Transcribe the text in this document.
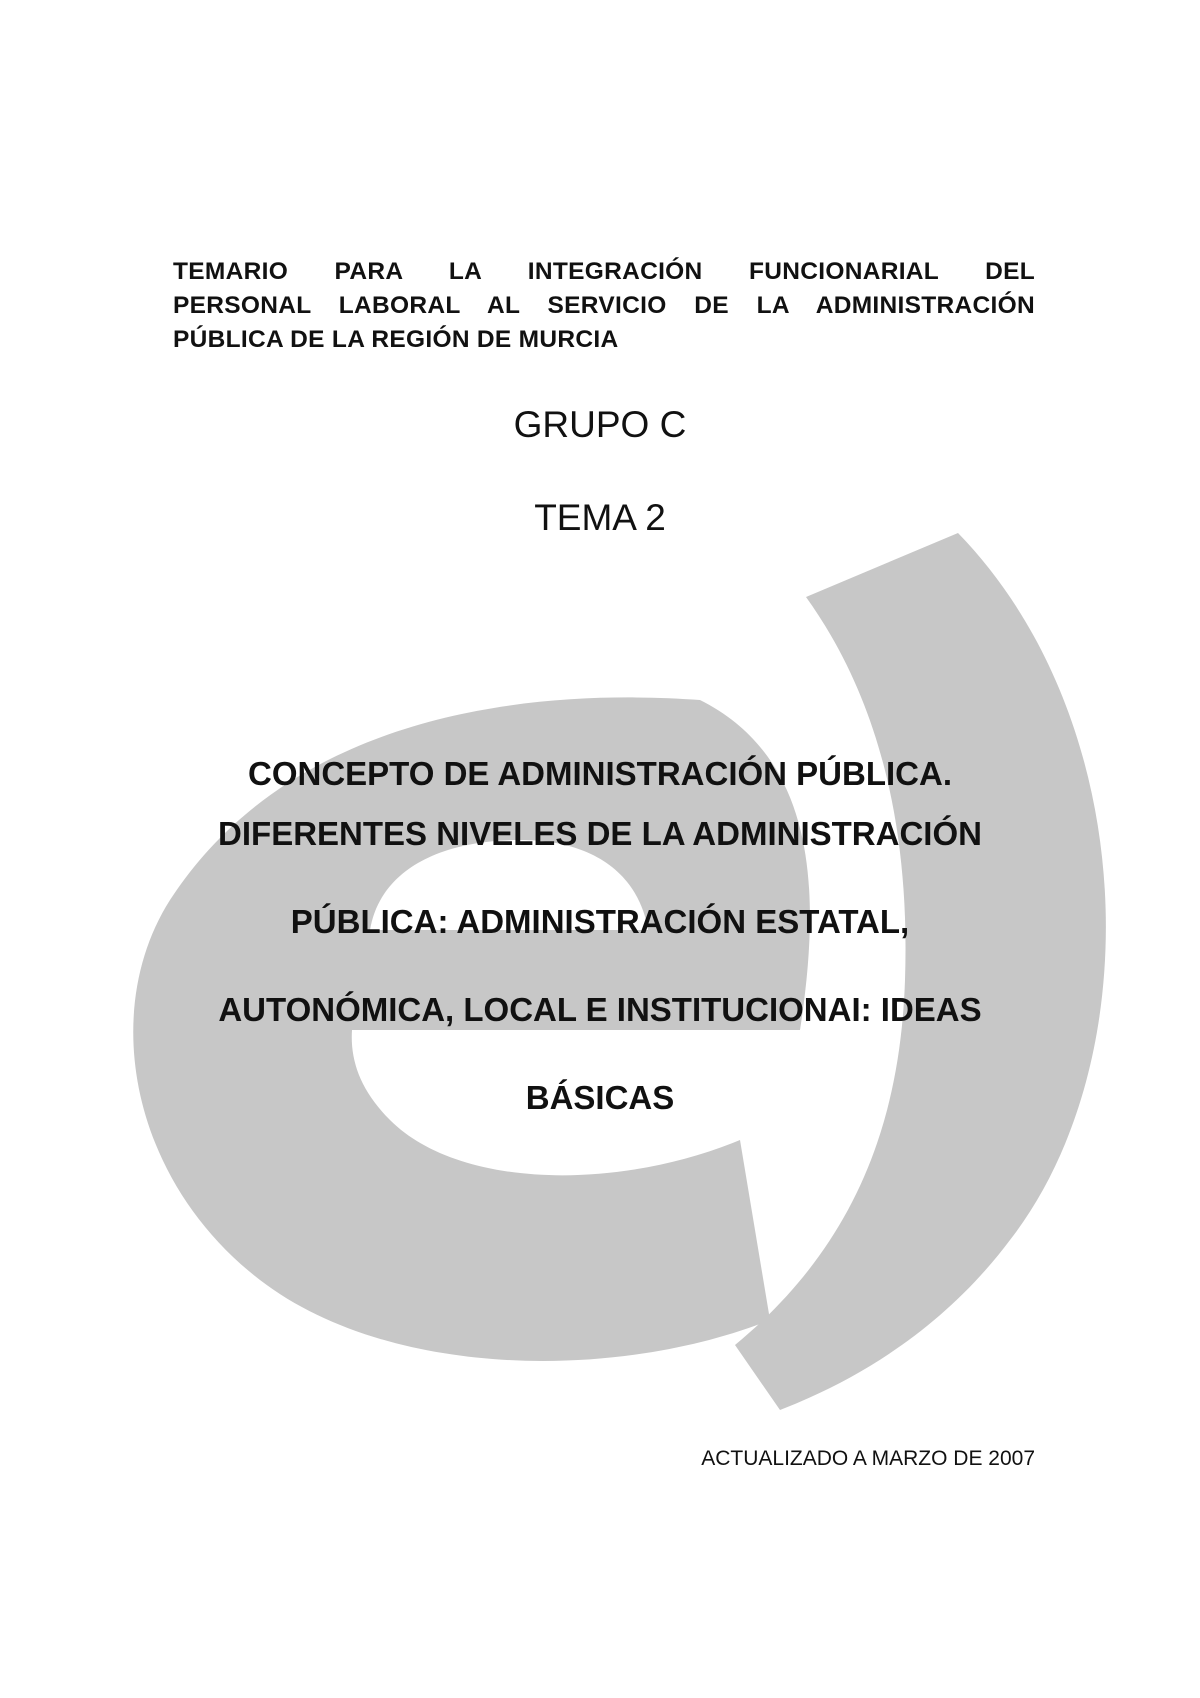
TEMARIO PARA LA INTEGRACIÓN FUNCIONARIAL DEL
PERSONAL LABORAL AL SERVICIO DE LA ADMINISTRACIÓN
PÚBLICA DE LA REGIÓN DE MURCIA
GRUPO C
TEMA 2
CONCEPTO DE ADMINISTRACIÓN PÚBLICA.
DIFERENTES NIVELES DE LA ADMINISTRACIÓN
PÚBLICA: ADMINISTRACIÓN ESTATAL,
AUTONÓMICA, LOCAL E INSTITUCIONAI: IDEAS
BÁSICAS
ACTUALIZADO A MARZO DE 2007
